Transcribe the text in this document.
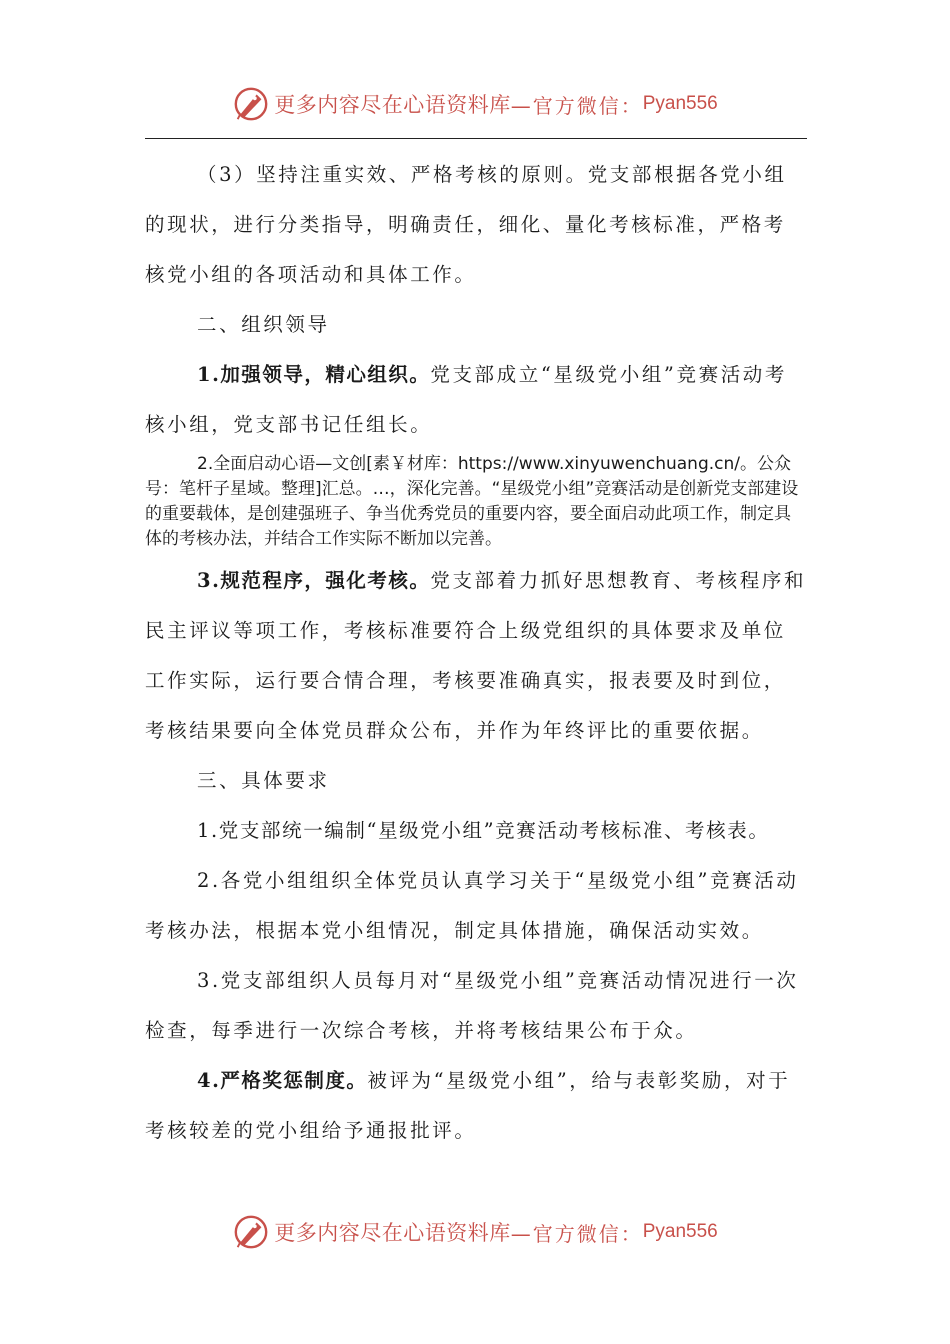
更多内容尽在心语资料库 —官方微信： Pyan556

（3）坚持注重实效、严格考核的原则。党支部根据各党小组的现状，进行分类指导，明确责任，细化、量化考核标准，严格考核党小组的各项活动和具体工作。

二、组织领导

1.加强领导，精心组织。党支部成立“星级党小组”竞赛活动考核小组，党支部书记任组长。

2.全面启动心语—文创[素￥材库：https://www.xinyuwenchuang.cn/。公众号：笔杆子星域。整理]汇总。…，深化完善。“星级党小组”竞赛活动是创新党支部建设的重要载体，是创建强班子、争当优秀党员的重要内容，要全面启动此项工作，制定具体的考核办法，并结合工作实际不断加以完善。

3.规范程序，强化考核。党支部着力抓好思想教育、考核程序和民主评议等项工作，考核标准要符合上级党组织的具体要求及单位工作实际，运行要合情合理，考核要准确真实，报表要及时到位，考核结果要向全体党员群众公布，并作为年终评比的重要依据。

三、具体要求

1.党支部统一编制“星级党小组”竞赛活动考核标准、考核表。

2.各党小组组织全体党员认真学习关于“星级党小组”竞赛活动考核办法，根据本党小组情况，制定具体措施，确保活动实效。

3.党支部组织人员每月对“星级党小组”竞赛活动情况进行一次检查，每季进行一次综合考核，并将考核结果公布于众。

4.严格奖惩制度。被评为“星级党小组”，给与表彰奖励，对于考核较差的党小组给予通报批评。

更多内容尽在心语资料库 —官方微信： Pyan556
